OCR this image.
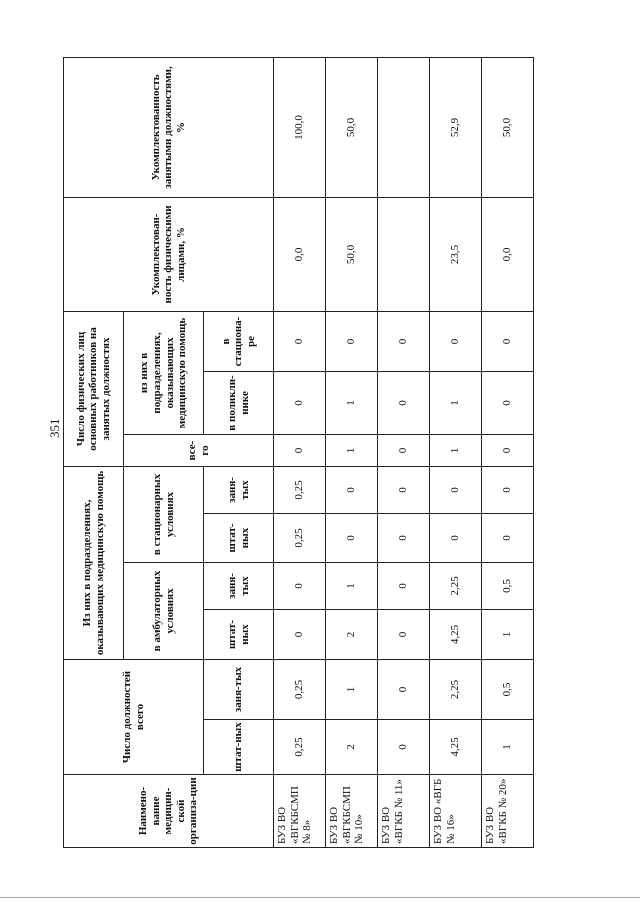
351
Наимено-вание медицин-ской организа-ции	Число должностей всего		Из них в подразделениях, оказывающих медицинскую помощь				Число физических лиц основных работников на занятых должностях			Укомплектован-ность физическими лицами, %	Укомплектованность занятыми должностями, %
			в амбулаторных условиях		в стационарных условиях		все-го	из них в подразделениях, оказывающих медицинскую помощь			
	штат-ных	заня-тых	штат-ных	заня-тых	штат-ных	заня-тых		в поликли-нике	в стациона-ре		
БУЗ ВО «ВГКБСМП № 8»	0,25	0,25	0	0	0,25	0,25	0	0	0	0,0	100,0
БУЗ ВО «ВГКБСМП № 10»	2	1	2	1	0	0	1	1	0	50,0	50,0
БУЗ ВО «ВГКБ № 11»	0	0	0	0	0	0	0	0	0		
БУЗ ВО «ВГБ № 16»	4,25	2,25	4,25	2,25	0	0	1	1	0	23,5	52,9
БУЗ ВО «ВГКБ № 20»	1	0,5	1	0,5	0	0	0	0	0	0,0	50,0
